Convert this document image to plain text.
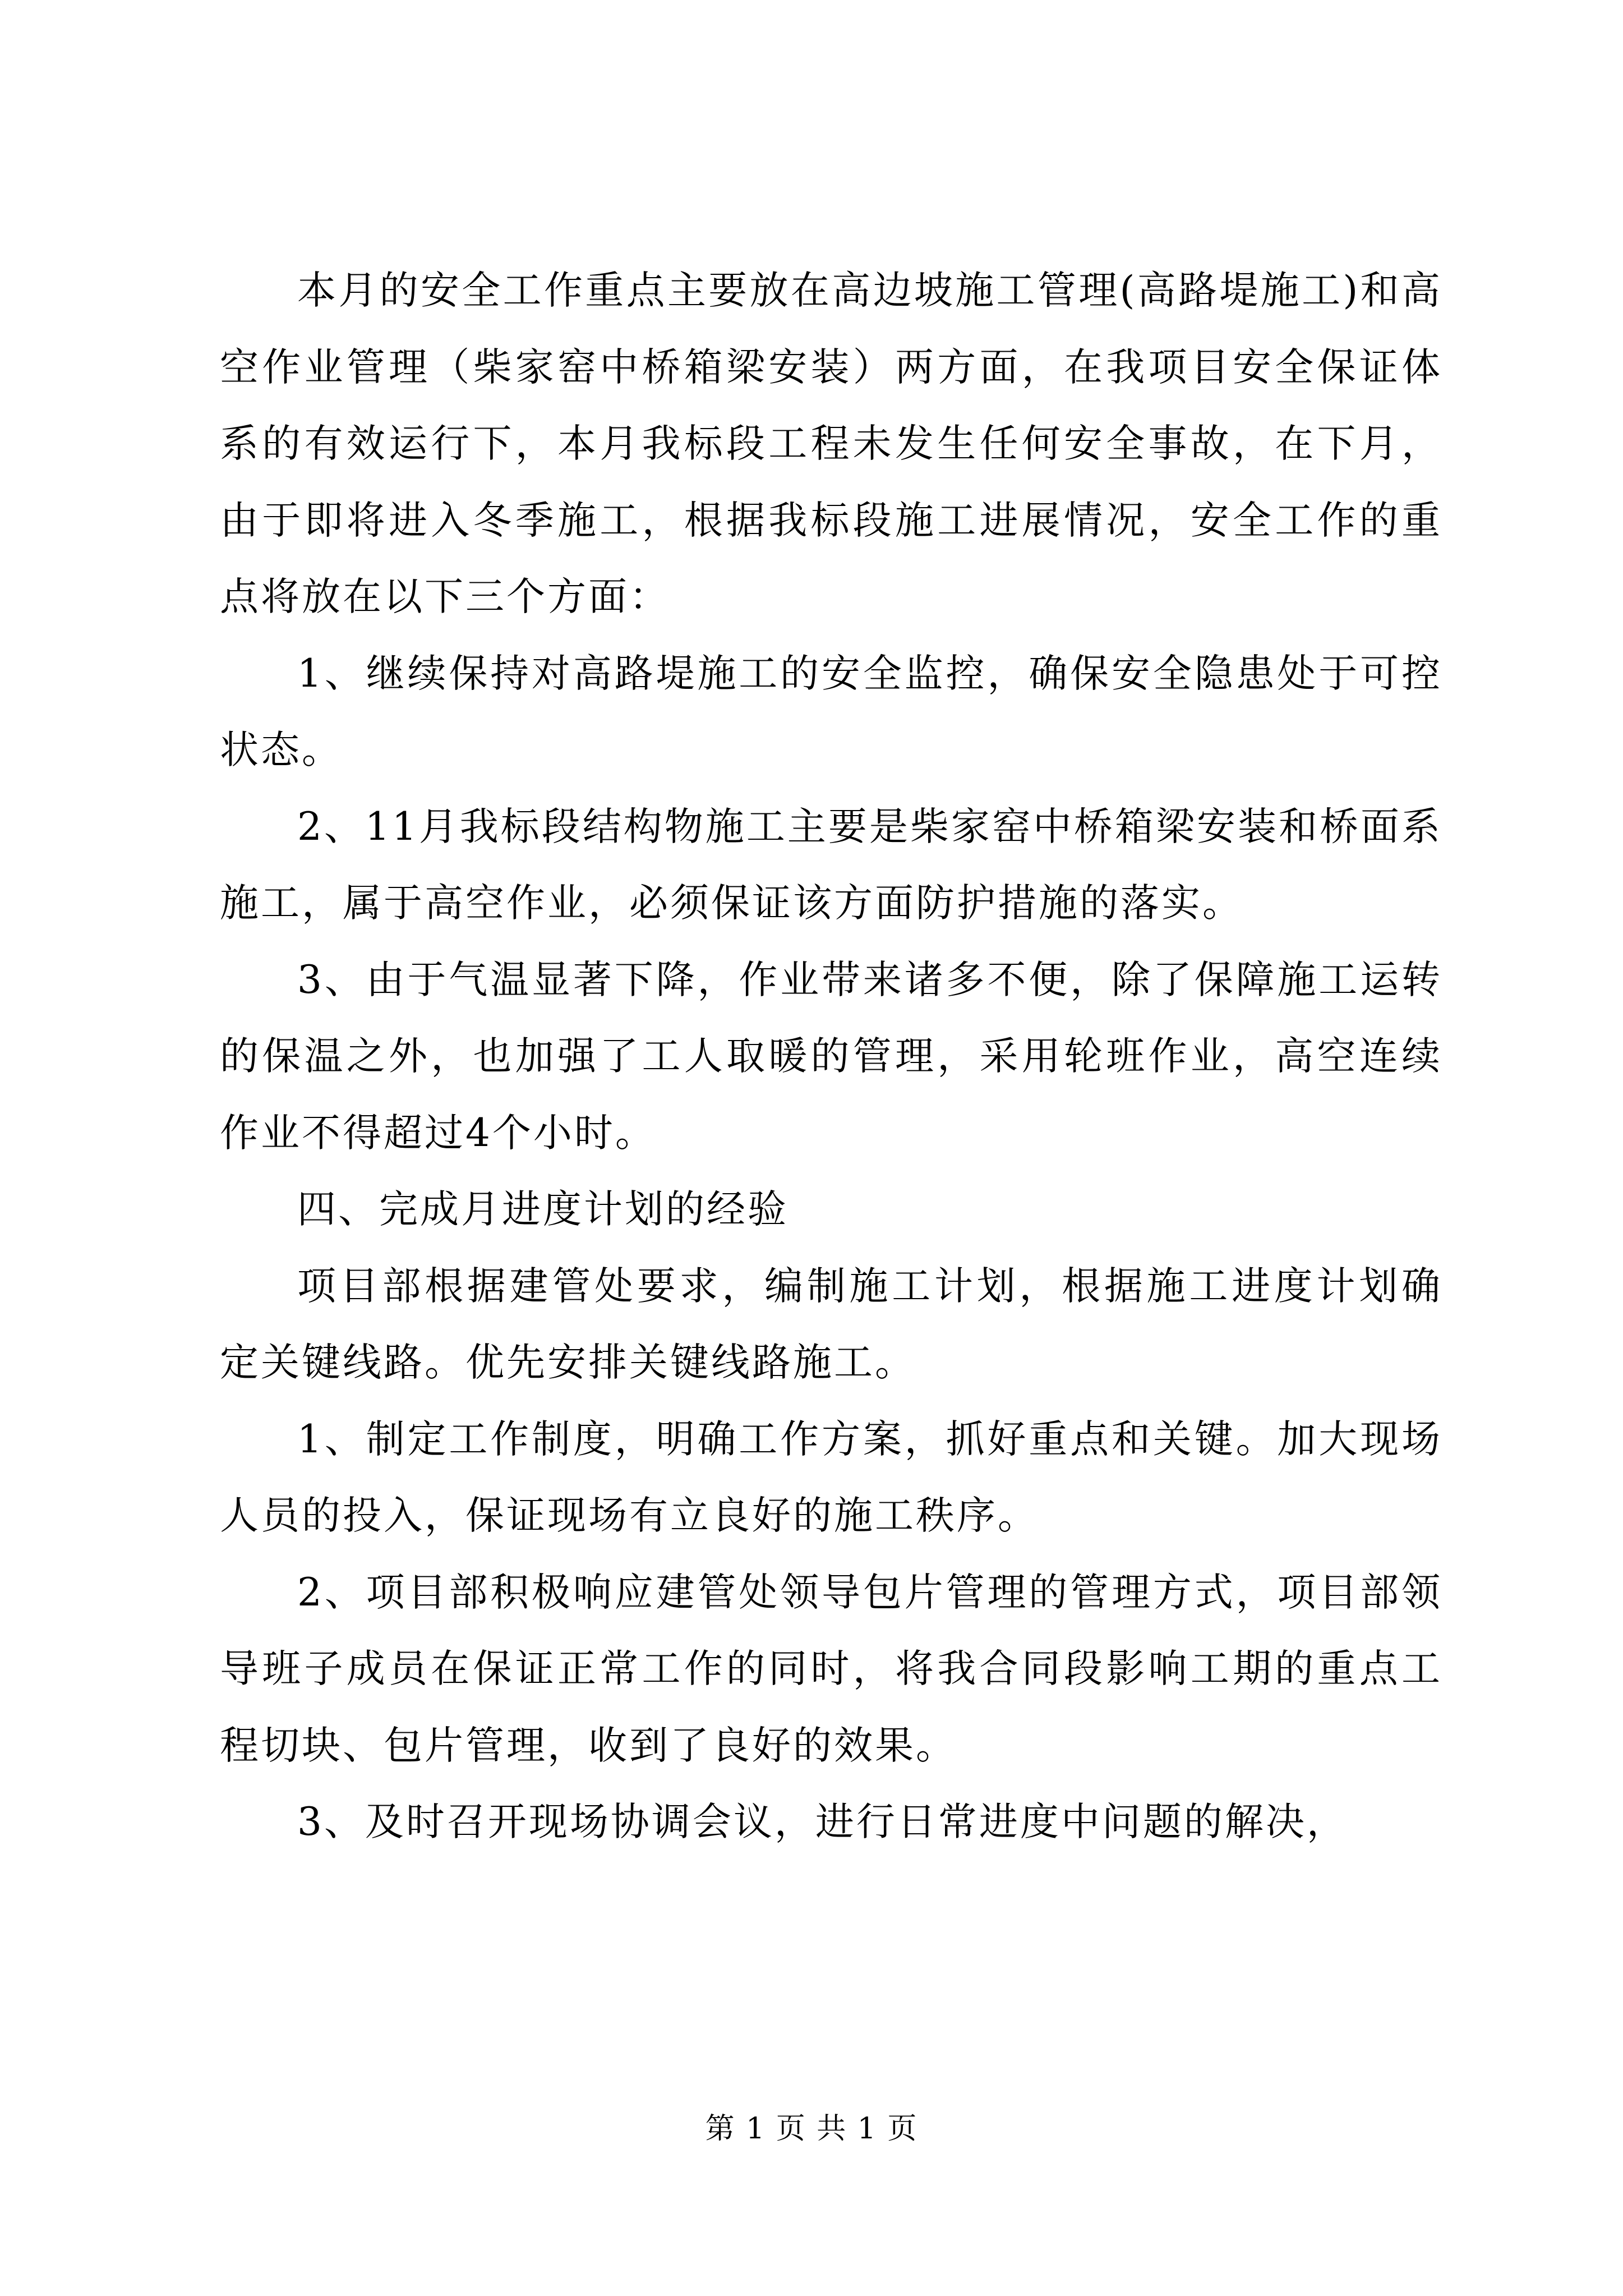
本月的安全工作重点主要放在高边坡施工管理(高路堤施工)和高空作业管理（柴家窑中桥箱梁安装）两方面，在我项目安全保证体系的有效运行下，本月我标段工程未发生任何安全事故，在下月，由于即将进入冬季施工，根据我标段施工进展情况，安全工作的重点将放在以下三个方面：

1、继续保持对高路堤施工的安全监控，确保安全隐患处于可控状态。

2、11月我标段结构物施工主要是柴家窑中桥箱梁安装和桥面系施工，属于高空作业，必须保证该方面防护措施的落实。

3、由于气温显著下降，作业带来诸多不便，除了保障施工运转的保温之外，也加强了工人取暖的管理，采用轮班作业，高空连续作业不得超过4个小时。

四、完成月进度计划的经验

项目部根据建管处要求，编制施工计划，根据施工进度计划确定关键线路。优先安排关键线路施工。

1、制定工作制度，明确工作方案，抓好重点和关键。加大现场人员的投入，保证现场有立良好的施工秩序。

2、项目部积极响应建管处领导包片管理的管理方式，项目部领导班子成员在保证正常工作的同时，将我合同段影响工期的重点工程切块、包片管理，收到了良好的效果。

3、及时召开现场协调会议，进行日常进度中问题的解决，

第 1 页 共 1 页
